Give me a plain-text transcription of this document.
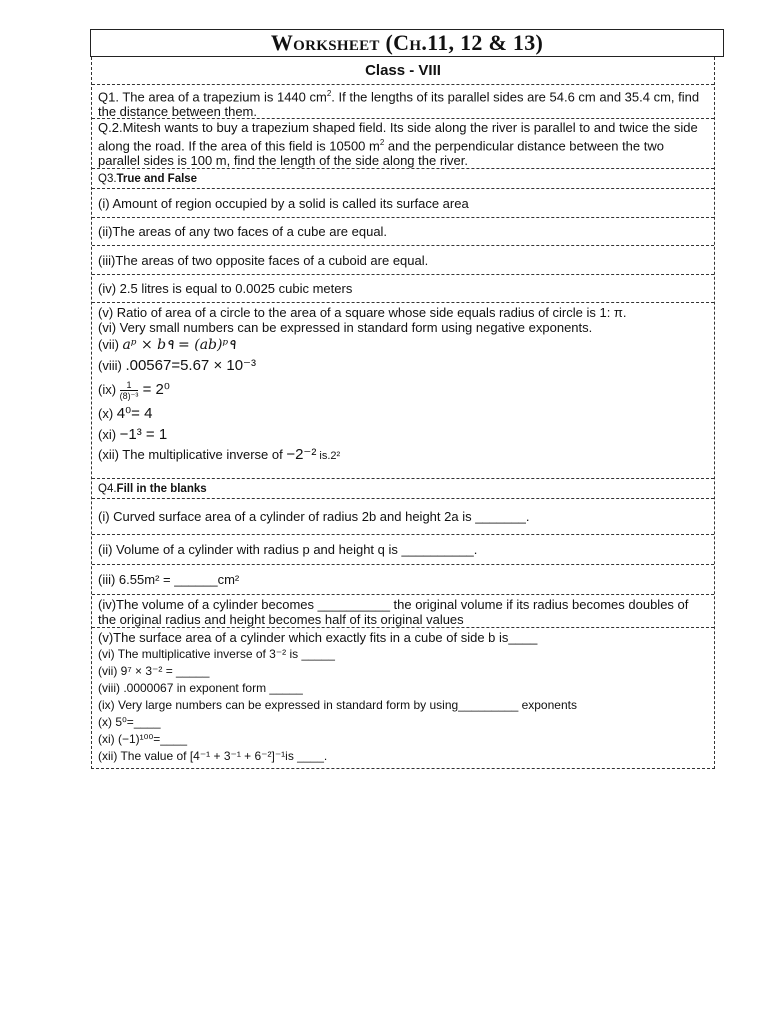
Worksheet (Ch.11, 12 & 13)
Class - VIII
Q1. The area of a trapezium is 1440 $cm^2$. If the lengths of its parallel sides are 54.6 cm and 35.4 cm, find the distance between them.
Q.2.Mitesh wants to buy a trapezium shaped field. Its side along the river is parallel to and twice the side along the road. If the area of this field is 10500 $m^2$ and the perpendicular distance between the two parallel sides is 100 m, find the length of the side along the river.
Q3.True and False
(i) Amount of region occupied by a solid is called its surface area
(ii)The areas of any two faces of a cube are equal.
(iii)The areas of two opposite faces of a cuboid are equal.
(iv) 2.5 litres is equal to 0.0025 cubic meters
(v) Ratio of area of a circle to the area of a square whose side equals radius of circle is 1: π.
(vi) Very small numbers can be expressed in standard form using negative exponents.
(vii) aᵖ × b۹ = (ab)ᵖ۹
(viii) .00567=5.67 × 10⁻³
$(ix) \frac{1}{\text{(8)⁻³}} = 2^0$
(x) 4⁰= 4
(xi) −1³ = 1
(xii) The multiplicative inverse of −2⁻² is.2²
Q4.Fill in the blanks
(i) Curved surface area of a cylinder of radius 2b and height 2a is _______.
(ii) Volume of a cylinder with radius p and height q is __________.
(iii) 6.55m² = ______cm²
(iv)The volume of a cylinder becomes __________ the original volume if its radius becomes doubles of the original radius and height becomes half of its original values
(v)The surface area of a cylinder which exactly fits in a cube of side b is____
(vi) The multiplicative inverse of 3⁻² is _____
(vii) 9⁷ × 3⁻² = _____
(viii) .0000067 in exponent form _____
(ix) Very large numbers can be expressed in standard form by using_________ exponents
(x) 5⁰=____
(xi) (−1)¹⁰⁰=____
(xii) The value of [4⁻¹ + 3⁻¹ + 6⁻²]⁻¹is ____.
